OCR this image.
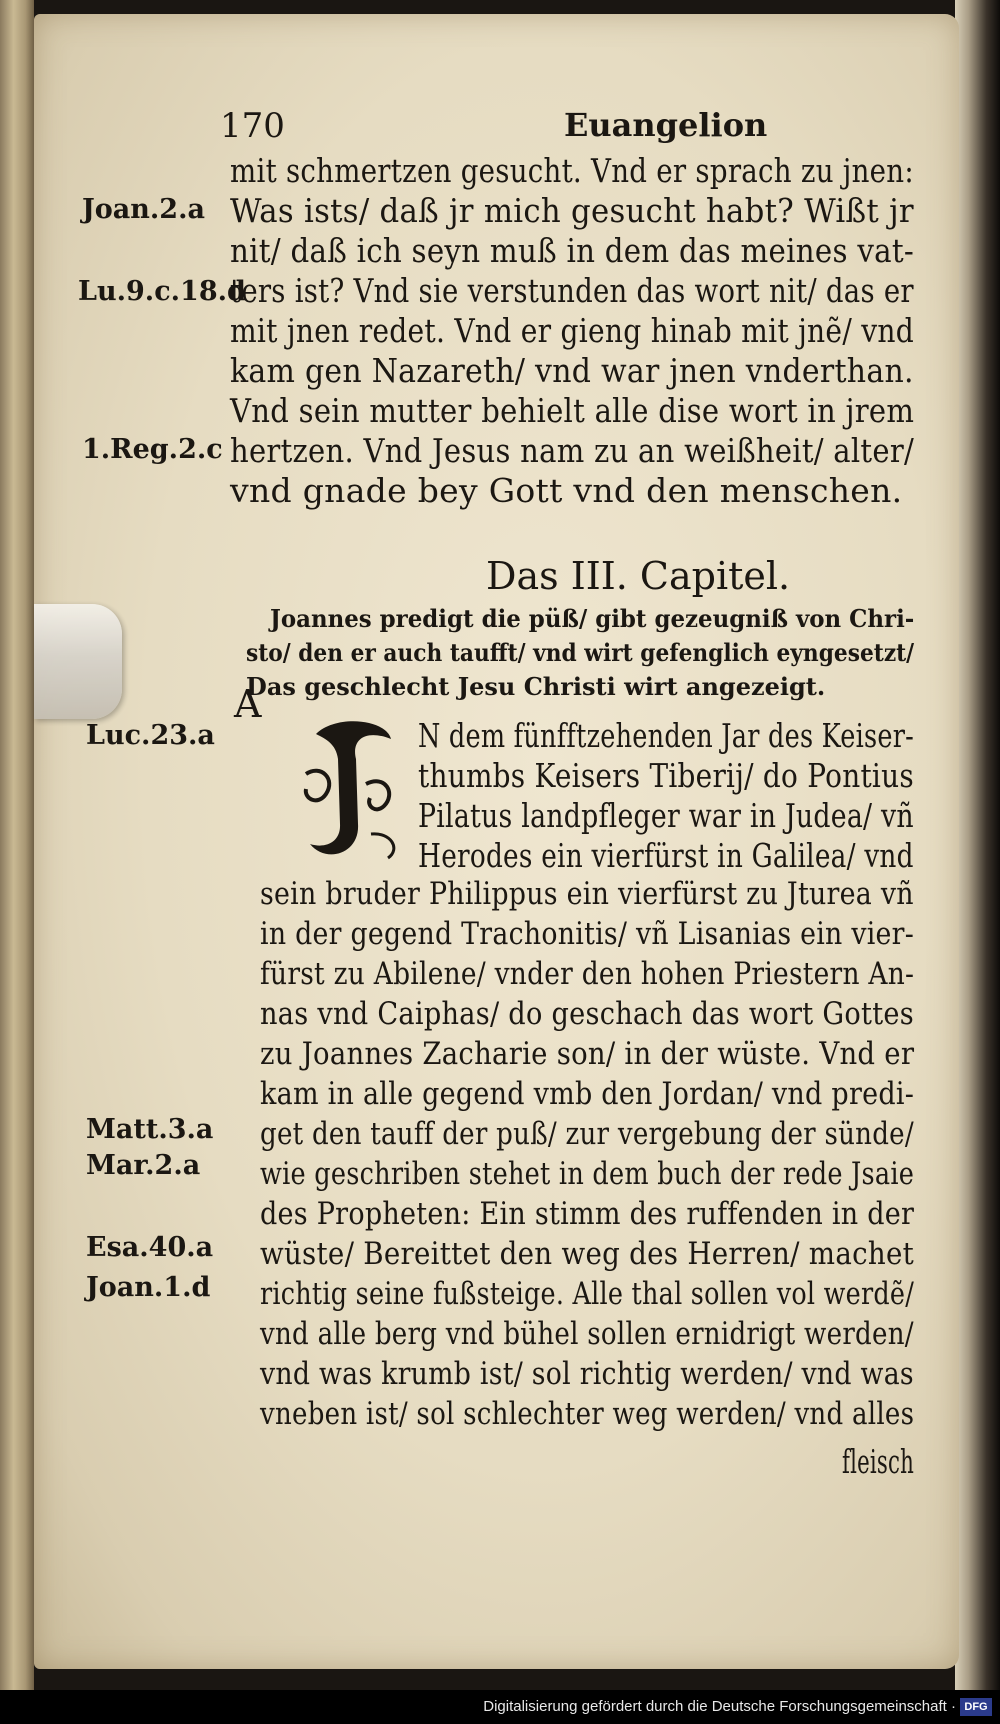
170	Euangelion
mit schmertzen gesucht. Vnd er sprach zu jnen:
Was ists/ daß jr mich gesucht habt? Wißt jr
nit/ daß ich seyn muß in dem das meines vat-
ters ist? Vnd sie verstunden das wort nit/ das er
mit jnen redet. Vnd er gieng hinab mit jnẽ/ vnd
kam gen Nazareth/ vnd war jnen vnderthan.
Vnd sein mutter behielt alle dise wort in jrem
hertzen. Vnd Jesus nam zu an weißheit/ alter/
vnd gnade bey Gott vnd den menschen.
Joan.2.a
Lu.9.c.18.d
1.Reg.2.c
Luc.23.a
Matt.3.a
Mar.2.a
Esa.40.a
Joan.1.d
Das III. Capitel.
Joannes predigt die püß/ gibt gezeugniß von Chri-
sto/ den er auch taufft/ vnd wirt gefenglich eyngesetzt/
Das geschlecht Jesu Christi wirt angezeigt.
A
N dem fünfftzehenden Jar des Keiser-
thumbs Keisers Tiberij/ do Pontius
Pilatus landpfleger war in Judea/ vñ
Herodes ein vierfürst in Galilea/ vnd
sein bruder Philippus ein vierfürst zu Jturea vñ
in der gegend Trachonitis/ vñ Lisanias ein vier-
fürst zu Abilene/ vnder den hohen Priestern An-
nas vnd Caiphas/ do geschach das wort Gottes
zu Joannes Zacharie son/ in der wüste. Vnd er
kam in alle gegend vmb den Jordan/ vnd predi-
get den tauff der puß/ zur vergebung der sünde/
wie geschriben stehet in dem buch der rede Jsaie
des Propheten: Ein stimm des ruffenden in der
wüste/ Bereittet den weg des Herren/ machet
richtig seine fußsteige. Alle thal sollen vol werdẽ/
vnd alle berg vnd bühel sollen ernidrigt werden/
vnd was krumb ist/ sol richtig werden/ vnd was
vneben ist/ sol schlechter weg werden/ vnd alles
fleisch
Digitalisierung gefördert durch die Deutsche Forschungsgemeinschaft · DFG
